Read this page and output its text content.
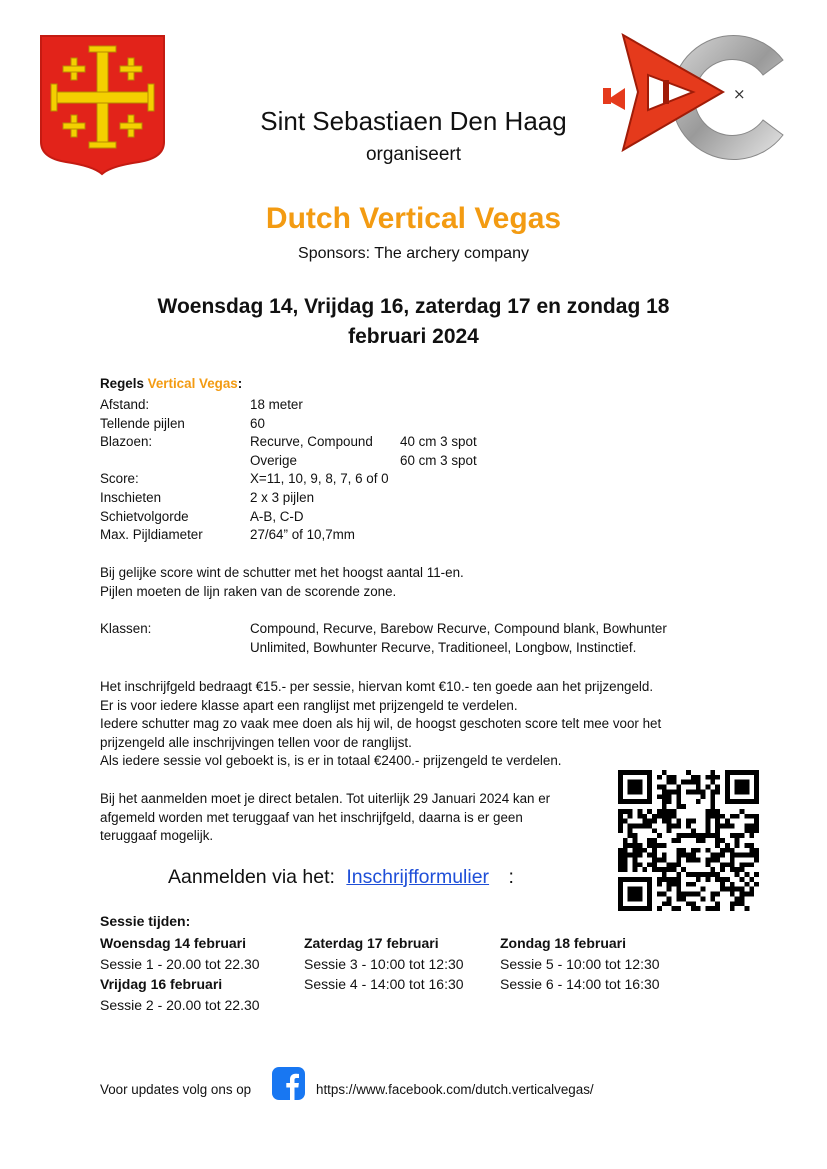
×
Sint Sebastiaen Den Haag
organiseert
Dutch Vertical Vegas
Sponsors: The archery company
Woensdag 14, Vrijdag 16, zaterdag 17 en zondag 18
februari 2024
Regels Vertical Vegas:
Afstand:	18 meter
Tellende pijlen	60
Blazoen:	Recurve, Compound 40 cm 3 spot
Overige	60 cm 3 spot
Score:	X=11, 10, 9, 8, 7, 6 of 0
Inschieten	2 x 3 pijlen
Schietvolgorde	A-B, C-D
Max. Pijldiameter	27/64” of 10,7mm
Bij gelijke score wint de schutter met het hoogst aantal 11-en.
Pijlen moeten de lijn raken van de scorende zone.
Klassen:	Compound, Recurve, Barebow Recurve, Compound blank, Bowhunter
Unlimited, Bowhunter Recurve, Traditioneel, Longbow, Instinctief.
Het inschrijfgeld bedraagt €15.- per sessie, hiervan komt €10.- ten goede aan het prijzengeld.
Er is voor iedere klasse apart een ranglijst met prijzengeld te verdelen.
Iedere schutter mag zo vaak mee doen als hij wil, de hoogst geschoten score telt mee voor het
prijzengeld alle inschrijvingen tellen voor de ranglijst.
Als iedere sessie vol geboekt is, is er in totaal €2400.- prijzengeld te verdelen.
Bij het aanmelden moet je direct betalen. Tot uiterlijk 29 Januari 2024 kan er
afgemeld worden met teruggaaf van het inschrijfgeld, daarna is er geen
teruggaaf mogelijk.
Aanmelden via het: Inschrijfformulier :
Sessie tijden:
Woensdag 14 februari
Sessie 1 - 20.00 tot 22.30
Vrijdag 16 februari
Sessie 2 - 20.00 tot 22.30
Zaterdag 17 februari
Sessie 3 - 10:00 tot 12:30
Sessie 4 - 14:00 tot 16:30
Zondag 18 februari
Sessie 5 - 10:00 tot 12:30
Sessie 6 - 14:00 tot 16:30
Voor updates volg ons op	https://www.facebook.com/dutch.verticalvegas/
